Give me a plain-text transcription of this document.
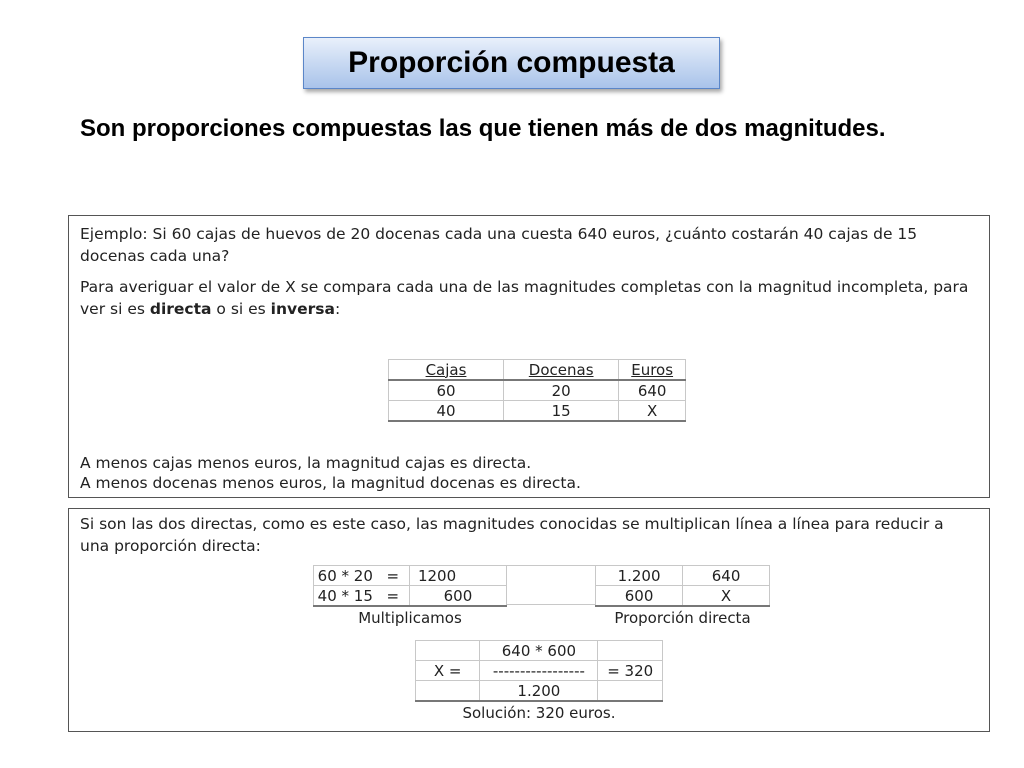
Proporción compuesta
Son proporciones compuestas las que tienen más de dos magnitudes.
Ejemplo: Si 60 cajas de huevos de 20 docenas cada una cuesta 640 euros, ¿cuánto costarán 40 cajas de 15
docenas cada una?
Para averiguar el valor de X se compara cada una de las magnitudes completas con la magnitud incompleta, para
ver si es directa o si es inversa:
Cajas	Docenas	Euros
60	20	640
40	15	X
A menos cajas menos euros, la magnitud cajas es directa.
A menos docenas menos euros, la magnitud docenas es directa.
Si son las dos directas, como es este caso, las magnitudes conocidas se multiplican línea a línea para reducir a
una proporción directa:
60 * 20	=	1200
40 * 15	=	600
Multiplicamos		
1.200	640
600	X
Proporción directa	
	640 * 600	
X =	-----------------	= 320
	1.200	
Solución: 320 euros.		
